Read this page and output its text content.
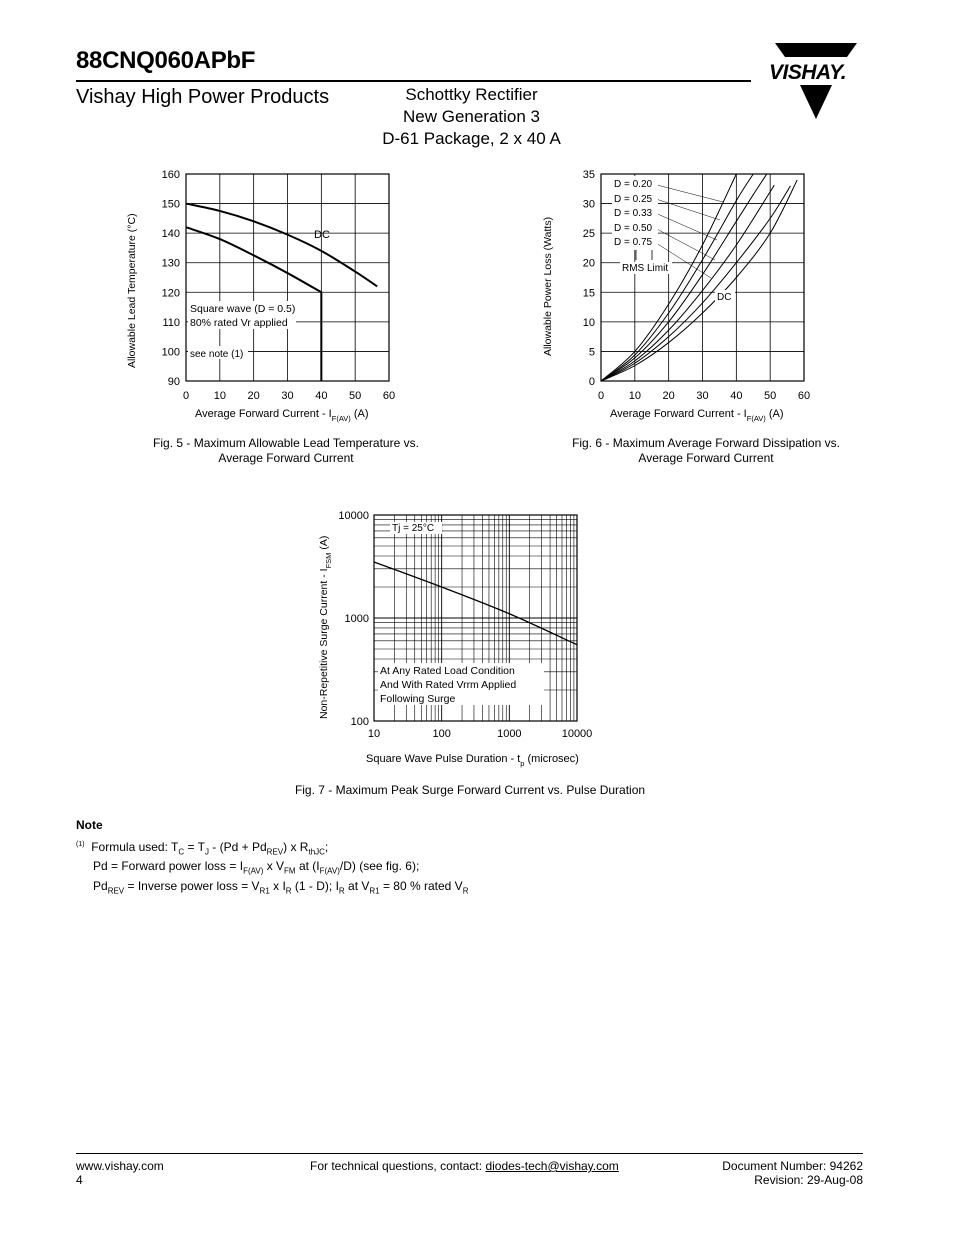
88CNQ060APbF
Vishay High Power Products	Schottky Rectifier
New Generation 3
D-61 Package, 2 x 40 A
VISHAY.
0 10 20 30 40 50 60
90
100
110
120
130
140
150
160
DC
Square wave (D = 0.5)
80% rated Vr applied
see note (1)
Allowable Lead Temperature (°C)
Average Forward Current - $I_{F(AV)}$ (A)
Fig. 5 - Maximum Allowable Lead Temperature vs.
Average Forward Current
0 10 20 30 40 50 60
0
5
10
15
20
25
30
35
D = 0.20
D = 0.25
D = 0.33
D = 0.50
D = 0.75
RMS Limit
DC
Allowable Power Loss (Watts)
Average Forward Current - $I_{F(AV)}$ (A)
Fig. 6 - Maximum Average Forward Dissipation vs.
Average Forward Current
10	100	1000	10000
100
1000
10000
Tj = 25°C
At Any Rated Load Condition
And With Rated Vrrm Applied
Following Surge
Non-Repetitive Surge Current - $I_{FSM}$ (A)
Square Wave Pulse Duration - $t_p$ (microsec)
Fig. 7 - Maximum Peak Surge Forward Current vs. Pulse Duration
Note
$^{(1)}$  Formula used: $T_C = T_J - (Pd + Pd_{REV})$ x $R_{thJC}$;
Pd = Forward power loss = $I_{F(AV)}$ x $V_{FM}$ at $(I_{F(AV)}/D)$ (see fig. 6);
$Pd_{REV}$ = Inverse power loss = $V_{R1}$ x $I_R$ (1 - D); $I_R$ at $V_{R1} = 80$ % rated $V_R$
www.vishay.com
4
For technical questions, contact: diodes-tech@vishay.com	Document Number: 94262
Revision: 29-Aug-08
